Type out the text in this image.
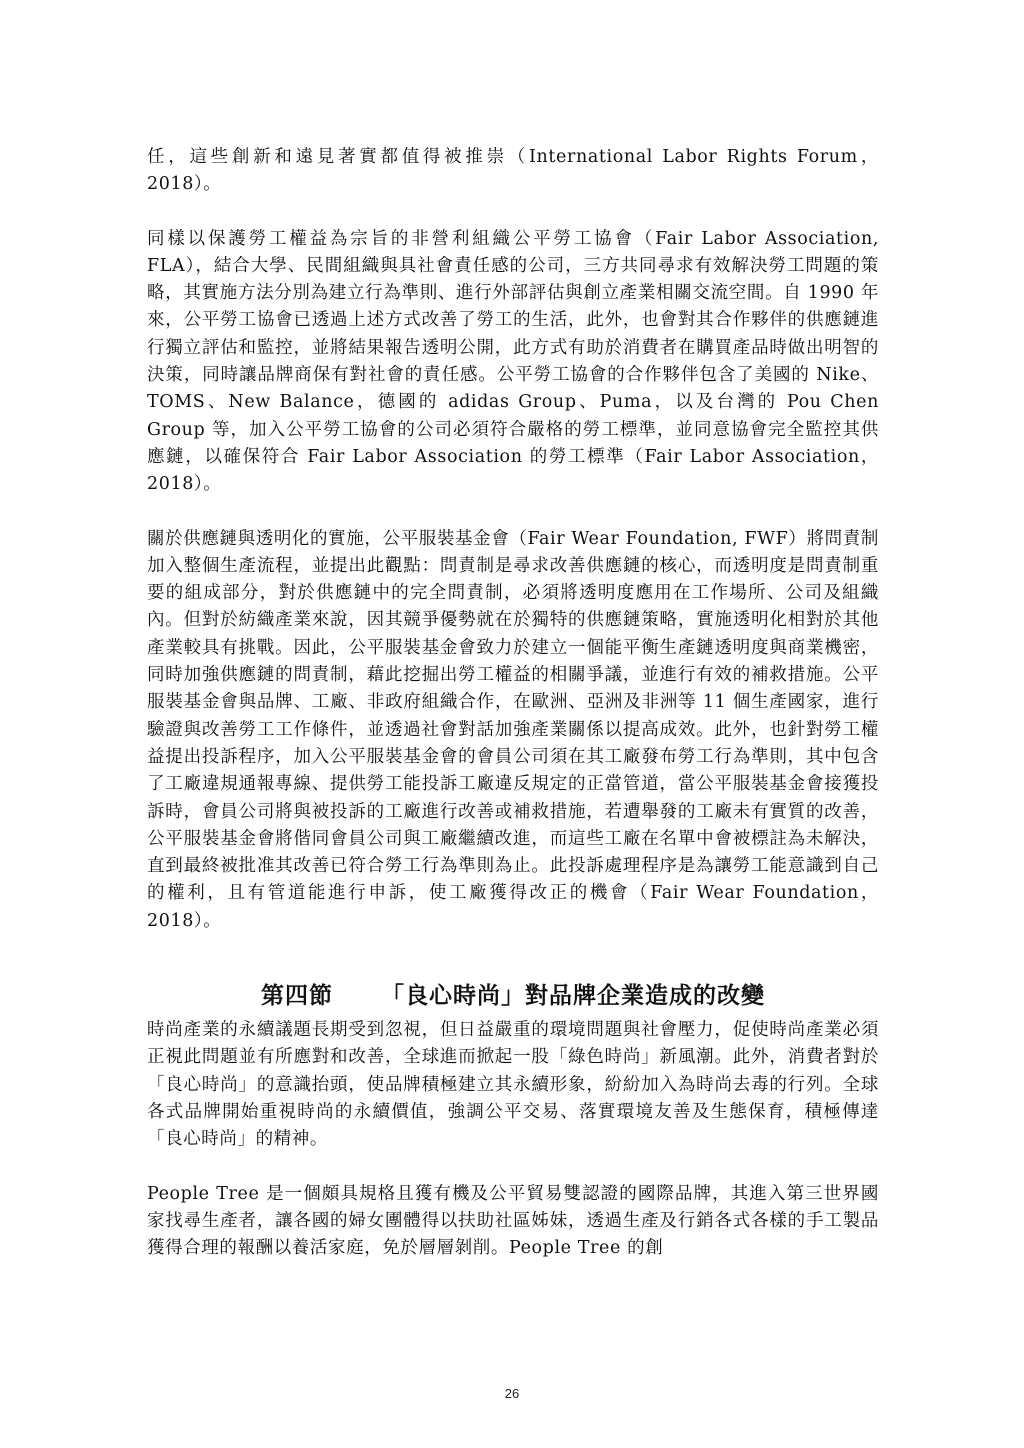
任，這些創新和遠見著實都值得被推崇（International Labor Rights Forum，2018）。

同樣以保護勞工權益為宗旨的非營利組織公平勞工協會（Fair Labor Association, FLA），結合大學、民間組織與具社會責任感的公司，三方共同尋求有效解決勞工問題的策略，其實施方法分別為建立行為準則、進行外部評估與創立產業相關交流空間。自 1990 年來，公平勞工協會已透過上述方式改善了勞工的生活，此外，也會對其合作夥伴的供應鏈進行獨立評估和監控，並將結果報告透明公開，此方式有助於消費者在購買產品時做出明智的決策，同時讓品牌商保有對社會的責任感。公平勞工協會的合作夥伴包含了美國的 Nike、TOMS、New Balance，德國的 adidas Group、Puma，以及台灣的 Pou Chen Group 等，加入公平勞工協會的公司必須符合嚴格的勞工標準，並同意協會完全監控其供應鏈，以確保符合 Fair Labor Association 的勞工標準（Fair Labor Association，2018）。

關於供應鏈與透明化的實施，公平服裝基金會（Fair Wear Foundation, FWF）將問責制加入整個生產流程，並提出此觀點：問責制是尋求改善供應鏈的核心，而透明度是問責制重要的組成部分，對於供應鏈中的完全問責制，必須將透明度應用在工作場所、公司及組織內。但對於紡織產業來說，因其競爭優勢就在於獨特的供應鏈策略，實施透明化相對於其他產業較具有挑戰。因此，公平服裝基金會致力於建立一個能平衡生產鏈透明度與商業機密，同時加強供應鏈的問責制，藉此挖掘出勞工權益的相關爭議，並進行有效的補救措施。公平服裝基金會與品牌、工廠、非政府組織合作，在歐洲、亞洲及非洲等 11 個生產國家，進行驗證與改善勞工工作條件，並透過社會對話加強產業關係以提高成效。此外，也針對勞工權益提出投訴程序，加入公平服裝基金會的會員公司須在其工廠發布勞工行為準則，其中包含了工廠違規通報專線、提供勞工能投訴工廠違反規定的正當管道，當公平服裝基金會接獲投訴時，會員公司將與被投訴的工廠進行改善或補救措施，若遭舉發的工廠未有實質的改善，公平服裝基金會將偕同會員公司與工廠繼續改進，而這些工廠在名單中會被標註為未解決，直到最終被批准其改善已符合勞工行為準則為止。此投訴處理程序是為讓勞工能意識到自己的權利，且有管道能進行申訴，使工廠獲得改正的機會（Fair Wear Foundation，2018）。

第四節 「良心時尚」對品牌企業造成的改變

時尚產業的永續議題長期受到忽視，但日益嚴重的環境問題與社會壓力，促使時尚產業必須正視此問題並有所應對和改善，全球進而掀起一股「綠色時尚」新風潮。此外，消費者對於「良心時尚」的意識抬頭，使品牌積極建立其永續形象，紛紛加入為時尚去毒的行列。全球各式品牌開始重視時尚的永續價值，強調公平交易、落實環境友善及生態保育，積極傳達「良心時尚」的精神。

People Tree 是一個頗具規格且獲有機及公平貿易雙認證的國際品牌，其進入第三世界國家找尋生產者，讓各國的婦女團體得以扶助社區姊妹，透過生產及行銷各式各樣的手工製品獲得合理的報酬以養活家庭，免於層層剝削。People Tree 的創

26
